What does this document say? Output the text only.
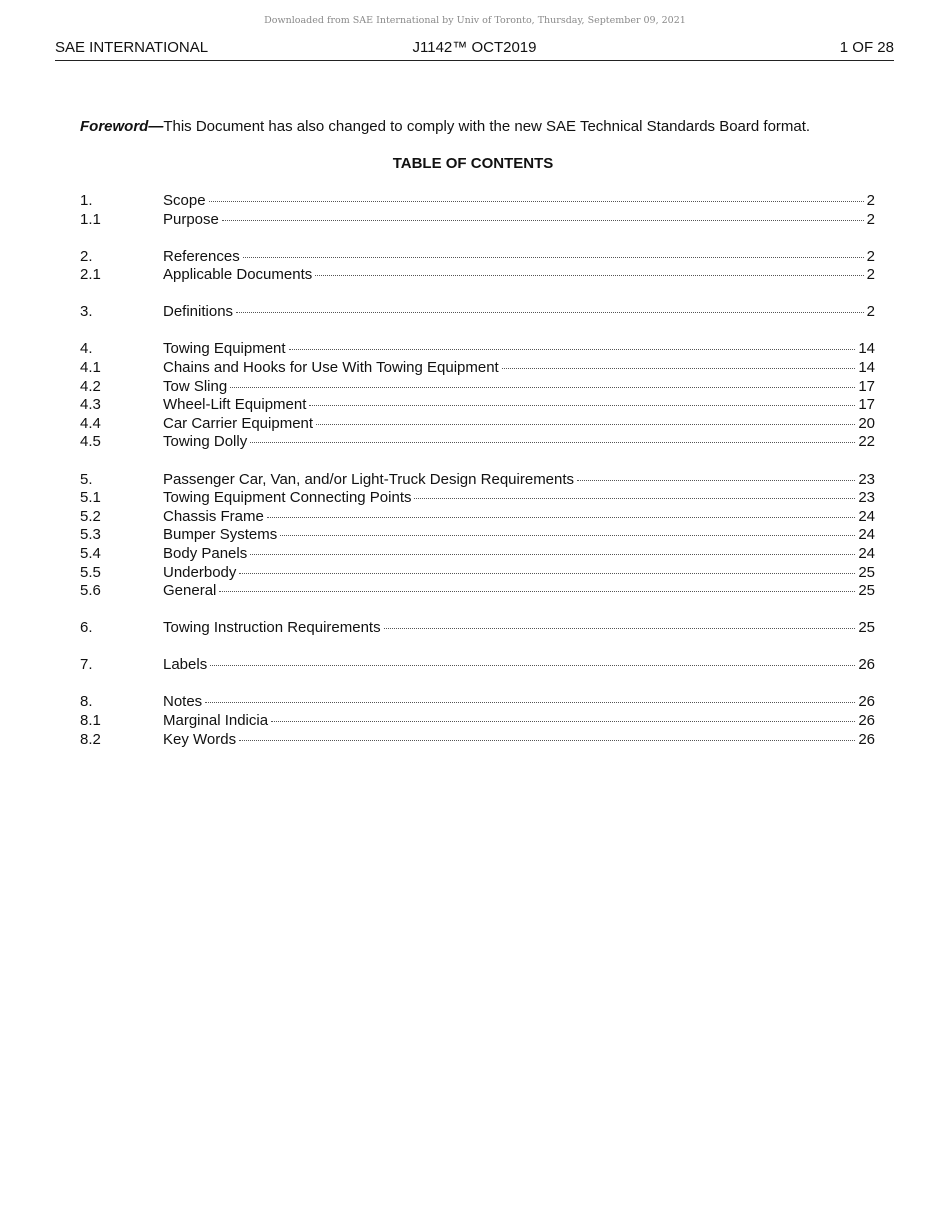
Downloaded from SAE International by Univ of Toronto, Thursday, September 09, 2021
SAE INTERNATIONAL	J1142™ OCT2019	1 OF 28
Foreword—This Document has also changed to comply with the new SAE Technical Standards Board format.
TABLE OF CONTENTS
1.	Scope	2
1.1	Purpose	2
2.	References	2
2.1	Applicable Documents	2
3.	Definitions	2
4.	Towing Equipment	14
4.1	Chains and Hooks for Use With Towing Equipment	14
4.2	Tow Sling	17
4.3	Wheel-Lift Equipment	17
4.4	Car Carrier Equipment	20
4.5	Towing Dolly	22
5.	Passenger Car, Van, and/or Light-Truck Design Requirements	23
5.1	Towing Equipment Connecting Points	23
5.2	Chassis Frame	24
5.3	Bumper Systems	24
5.4	Body Panels	24
5.5	Underbody	25
5.6	General	25
6.	Towing Instruction Requirements	25
7.	Labels	26
8.	Notes	26
8.1	Marginal Indicia	26
8.2	Key Words	26
